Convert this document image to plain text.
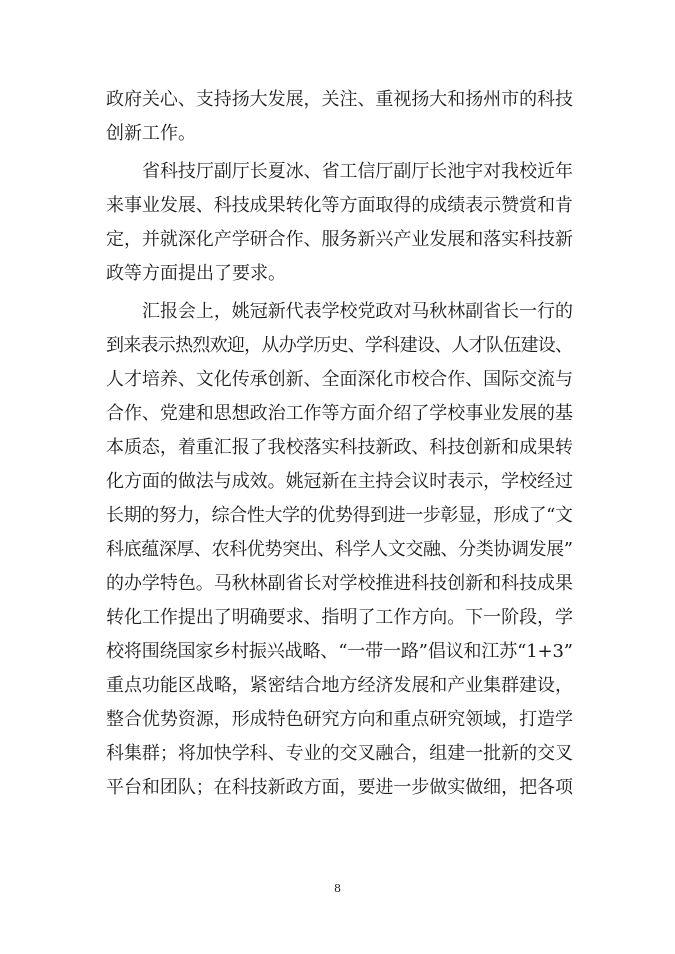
政府关心、支持扬大发展，关注、重视扬大和扬州市的科技
创新工作。
省科技厅副厅长夏冰、省工信厅副厅长池宇对我校近年
来事业发展、科技成果转化等方面取得的成绩表示赞赏和肯
定，并就深化产学研合作、服务新兴产业发展和落实科技新
政等方面提出了要求。
汇报会上，姚冠新代表学校党政对马秋林副省长一行的
到来表示热烈欢迎，从办学历史、学科建设、人才队伍建设、
人才培养、文化传承创新、全面深化市校合作、国际交流与
合作、党建和思想政治工作等方面介绍了学校事业发展的基
本质态，着重汇报了我校落实科技新政、科技创新和成果转
化方面的做法与成效。姚冠新在主持会议时表示，学校经过
长期的努力，综合性大学的优势得到进一步彰显，形成了“文
科底蕴深厚、农科优势突出、科学人文交融、分类协调发展”
的办学特色。马秋林副省长对学校推进科技创新和科技成果
转化工作提出了明确要求、指明了工作方向。下一阶段，学
校将围绕国家乡村振兴战略、“一带一路”倡议和江苏“1+3”
重点功能区战略，紧密结合地方经济发展和产业集群建设，
整合优势资源，形成特色研究方向和重点研究领域，打造学
科集群；将加快学科、专业的交叉融合，组建一批新的交叉
平台和团队；在科技新政方面，要进一步做实做细，把各项
8
